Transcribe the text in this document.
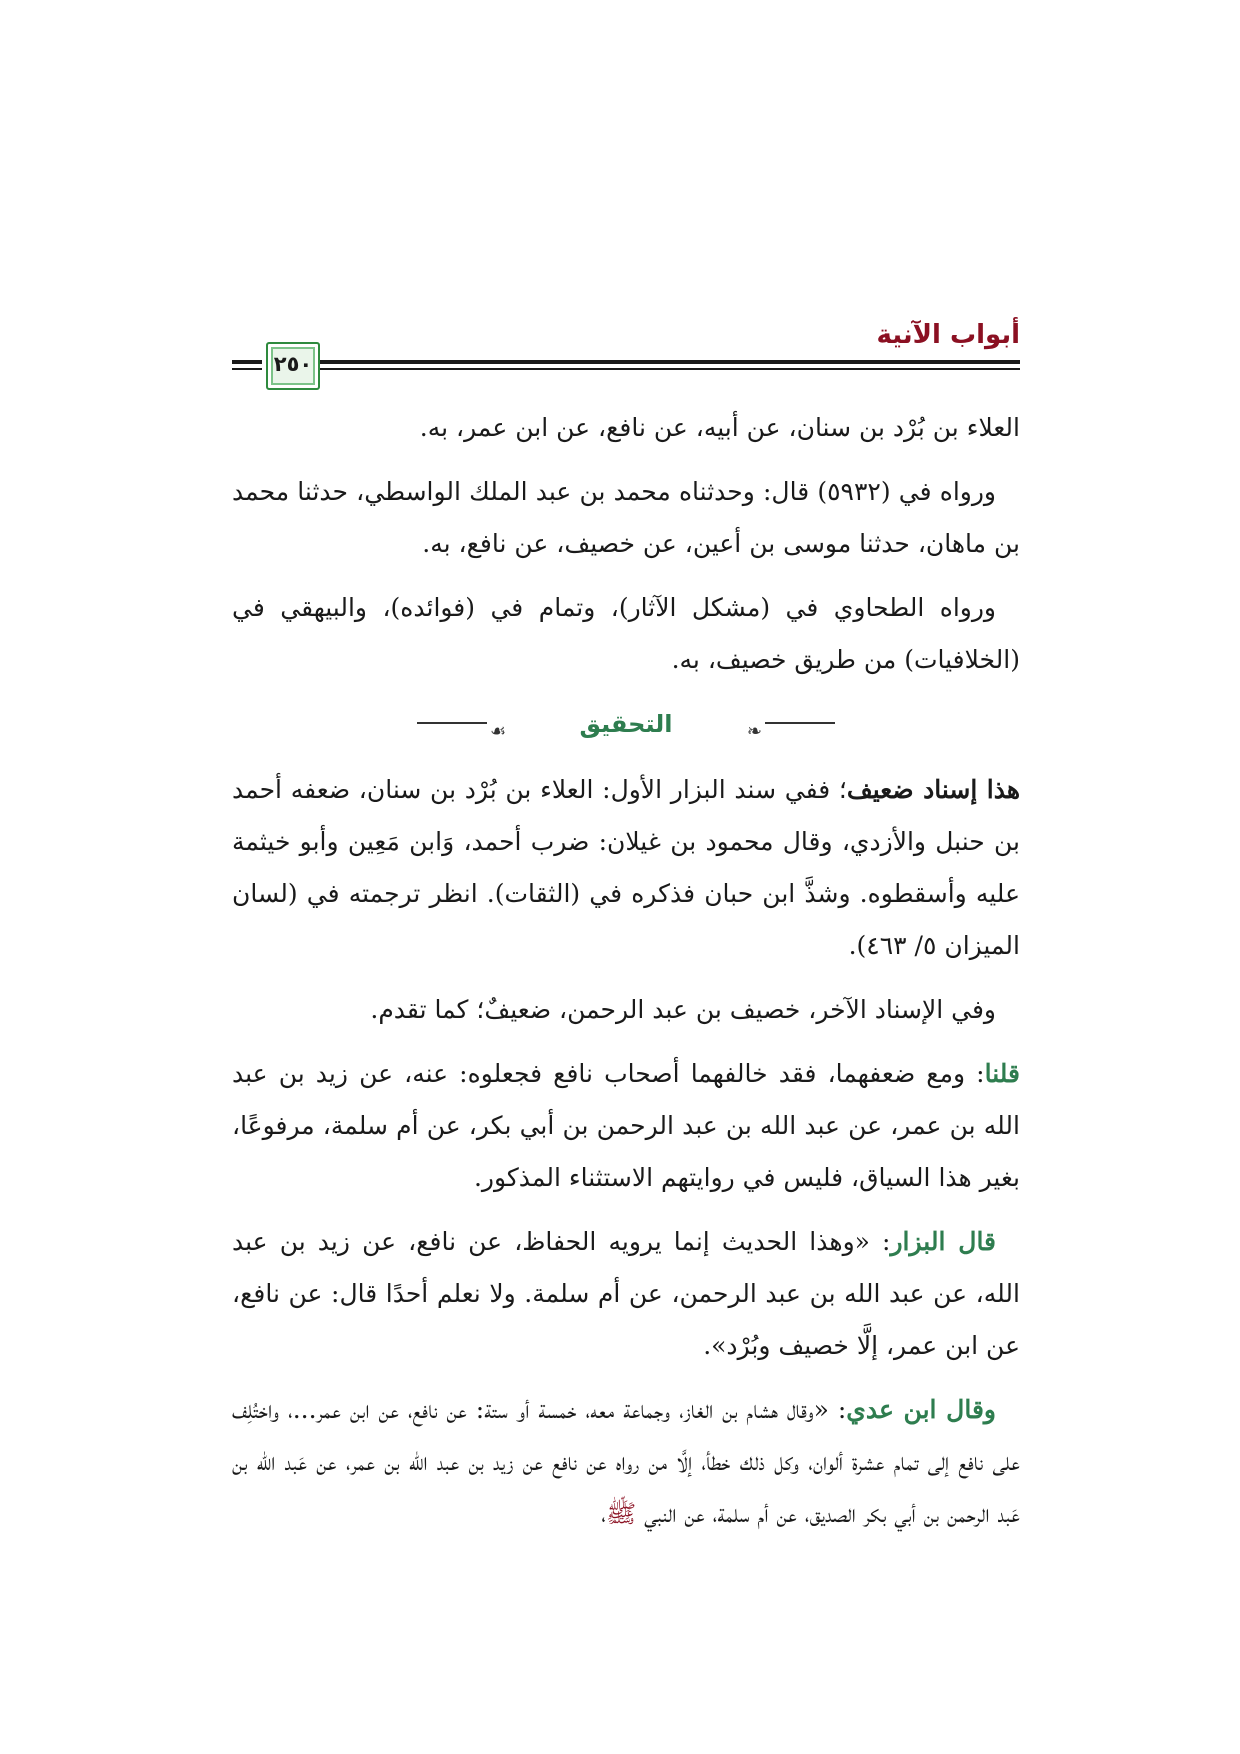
أبواب الآنية
٢٥٠

العلاء بن بُرْد بن سنان، عن أبيه، عن نافع، عن ابن عمر، به.

ورواه في (٥٩٣٢) قال: وحدثناه محمد بن عبد الملك الواسطي، حدثنا محمد بن ماهان، حدثنا موسى بن أعين، عن خصيف، عن نافع، به.

ورواه الطحاوي في (مشكل الآثار)، وتمام في (فوائده)، والبيهقي في (الخلافيات) من طريق خصيف، به.

❧
التحقيق
☙

هذا إسناد ضعيف؛ ففي سند البزار الأول: العلاء بن بُرْد بن سنان، ضعفه أحمد بن حنبل والأزدي، وقال محمود بن غيلان: ضرب أحمد، وَابن مَعِين وأبو خيثمة عليه وأسقطوه. وشذَّ ابن حبان فذكره في (الثقات). انظر ترجمته في (لسان الميزان ٥/ ٤٦٣).

وفي الإسناد الآخر، خصيف بن عبد الرحمن، ضعيفٌ؛ كما تقدم.

قلنا: ومع ضعفهما، فقد خالفهما أصحاب نافع فجعلوه: عنه، عن زيد بن عبد الله بن عمر، عن عبد الله بن عبد الرحمن بن أبي بكر، عن أم سلمة، مرفوعًا، بغير هذا السياق، فليس في روايتهم الاستثناء المذكور.

قال البزار: «وهذا الحديث إنما يرويه الحفاظ، عن نافع، عن زيد بن عبد الله، عن عبد الله بن عبد الرحمن، عن أم سلمة. ولا نعلم أحدًا قال: عن نافع، عن ابن عمر، إلَّا خصيف وبُرْد».

وقال ابن عدي: «وقال هشام بن الغاز، وجماعة معه، خمسة أو ستة: عن نافع، عن ابن عمر...، واختُلِف على نافع إلى تمام عشرة ألوان، وكل ذلك خطأ، إلَّا من رواه عن نافع عن زيد بن عبد الله بن عمر، عن عَبد الله بن عَبد الرحمن بن أبي بكر الصديق، عن أم سلمة، عن النبي ﷺ،
